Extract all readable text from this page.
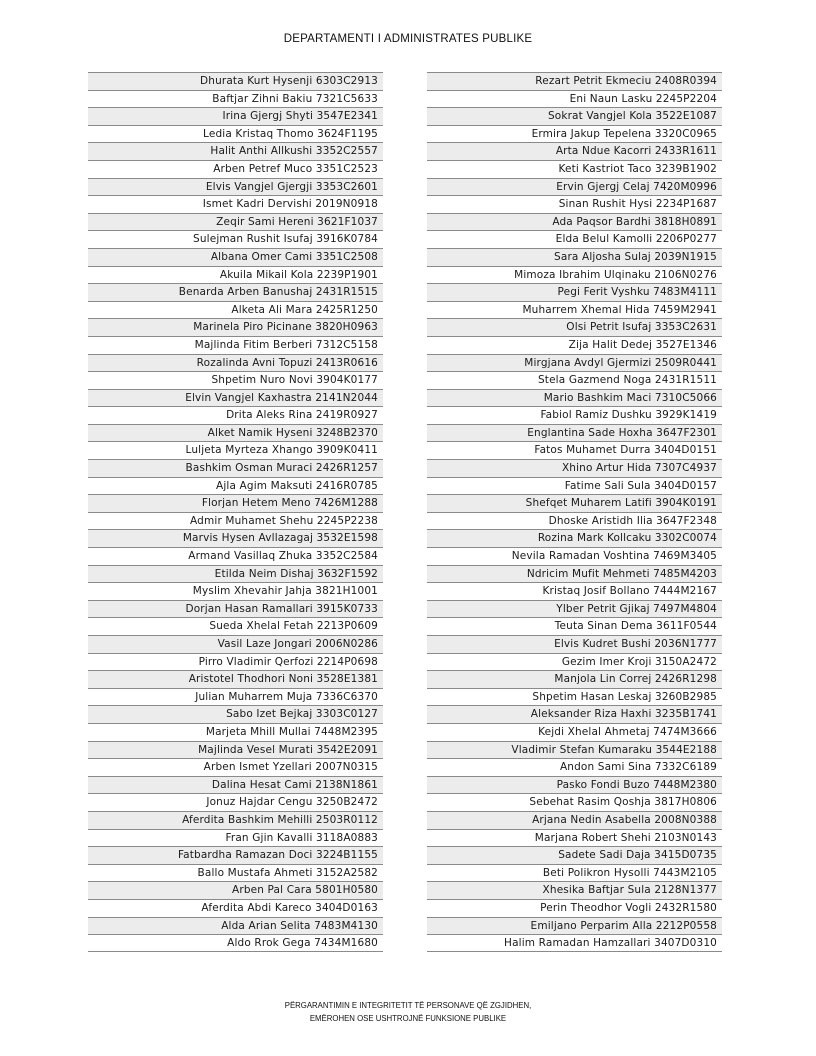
DEPARTAMENTI I ADMINISTRATES PUBLIKE
Dhurata Kurt Hysenji 6303C2913
Baftjar Zihni Bakiu 7321C5633
Irina Gjergj Shyti 3547E2341
Ledia Kristaq Thomo 3624F1195
Halit Anthi Allkushi 3352C2557
Arben Petref Muco 3351C2523
Elvis Vangjel Gjergji 3353C2601
Ismet Kadri Dervishi 2019N0918
Zeqir Sami Hereni 3621F1037
Sulejman Rushit Isufaj 3916K0784
Albana Omer Cami 3351C2508
Akuila Mikail Kola 2239P1901
Benarda Arben Banushaj 2431R1515
Alketa Ali Mara 2425R1250
Marinela Piro Picinane 3820H0963
Majlinda Fitim Berberi 7312C5158
Rozalinda Avni Topuzi 2413R0616
Shpetim Nuro Novi 3904K0177
Elvin Vangjel Kaxhastra 2141N2044
Drita Aleks Rina 2419R0927
Alket Namik Hyseni 3248B2370
Luljeta Myrteza Xhango 3909K0411
Bashkim Osman Muraci 2426R1257
Ajla Agim Maksuti 2416R0785
Florjan Hetem Meno 7426M1288
Admir Muhamet Shehu 2245P2238
Marvis Hysen Avllazagaj 3532E1598
Armand Vasillaq Zhuka 3352C2584
Etilda Neim Dishaj 3632F1592
Myslim Xhevahir Jahja 3821H1001
Dorjan Hasan Ramallari 3915K0733
Sueda Xhelal Fetah 2213P0609
Vasil Laze Jongari 2006N0286
Pirro Vladimir Qerfozi 2214P0698
Aristotel Thodhori Noni 3528E1381
Julian Muharrem Muja 7336C6370
Sabo Izet Bejkaj 3303C0127
Marjeta Mhill Mullai 7448M2395
Majlinda Vesel Murati 3542E2091
Arben Ismet Yzellari 2007N0315
Dalina Hesat Cami 2138N1861
Jonuz Hajdar Cengu 3250B2472
Aferdita Bashkim Mehilli 2503R0112
Fran Gjin Kavalli 3118A0883
Fatbardha Ramazan Doci 3224B1155
Ballo Mustafa Ahmeti 3152A2582
Arben Pal Cara 5801H0580
Aferdita Abdi Kareco 3404D0163
Alda Arian Selita 7483M4130
Aldo Rrok Gega 7434M1680
Rezart Petrit Ekmeciu 2408R0394
Eni Naun Lasku 2245P2204
Sokrat Vangjel Kola 3522E1087
Ermira Jakup Tepelena 3320C0965
Arta Ndue Kacorri 2433R1611
Keti Kastriot Taco 3239B1902
Ervin Gjergj Celaj 7420M0996
Sinan Rushit Hysi 2234P1687
Ada Paqsor Bardhi 3818H0891
Elda Belul Kamolli 2206P0277
Sara Aljosha Sulaj 2039N1915
Mimoza Ibrahim Ulqinaku 2106N0276
Pegi Ferit Vyshku 7483M4111
Muharrem Xhemal Hida 7459M2941
Olsi Petrit Isufaj 3353C2631
Zija Halit Dedej 3527E1346
Mirgjana Avdyl Gjermizi 2509R0441
Stela Gazmend Noga 2431R1511
Mario Bashkim Maci 7310C5066
Fabiol Ramiz Dushku 3929K1419
Englantina Sade Hoxha 3647F2301
Fatos Muhamet Durra 3404D0151
Xhino Artur Hida 7307C4937
Fatime Sali Sula 3404D0157
Shefqet Muharem Latifi 3904K0191
Dhoske Aristidh Ilia 3647F2348
Rozina Mark Kollcaku 3302C0074
Nevila Ramadan Voshtina 7469M3405
Ndricim Mufit Mehmeti 7485M4203
Kristaq Josif Bollano 7444M2167
Ylber Petrit Gjikaj 7497M4804
Teuta Sinan Dema 3611F0544
Elvis Kudret Bushi 2036N1777
Gezim Imer Kroji 3150A2472
Manjola Lin Correj 2426R1298
Shpetim Hasan Leskaj 3260B2985
Aleksander Riza Haxhi 3235B1741
Kejdi Xhelal Ahmetaj 7474M3666
Vladimir Stefan Kumaraku 3544E2188
Andon Sami Sina 7332C6189
Pasko Fondi Buzo 7448M2380
Sebehat Rasim Qoshja 3817H0806
Arjana Nedin Asabella 2008N0388
Marjana Robert Shehi 2103N0143
Sadete Sadi Daja 3415D0735
Beti Polikron Hysolli 7443M2105
Xhesika Baftjar Sula 2128N1377
Perin Theodhor Vogli 2432R1580
Emiljano Perparim Alla 2212P0558
Halim Ramadan Hamzallari 3407D0310
PËRGARANTIMIN E INTEGRITETIT TË PERSONAVE QË ZGJIDHEN,
EMËROHEN OSE USHTROJNË FUNKSIONE PUBLIKE
